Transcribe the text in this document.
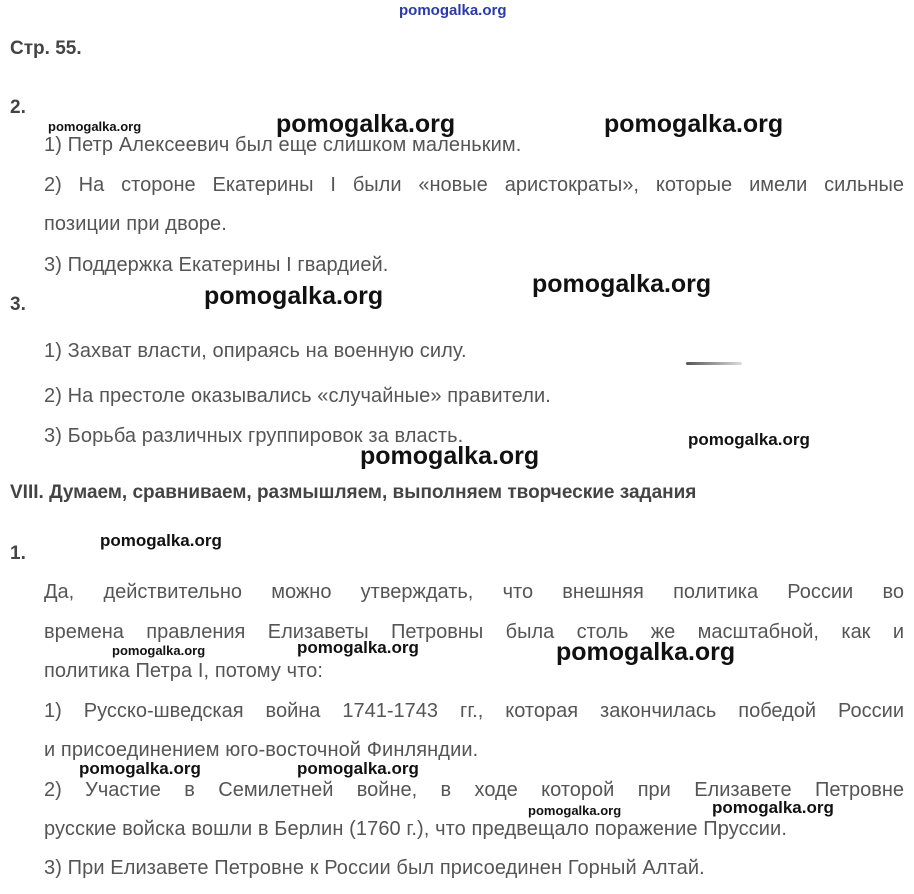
pomogalka.org
Стр. 55.
2.
1) Петр Алексеевич был еще слишком маленьким.
2) На стороне Екатерины I были «новые аристократы», которые имели сильные
позиции при дворе.
3) Поддержка Екатерины I гвардией.
3.
1) Захват власти, опираясь на военную силу.
2) На престоле оказывались «случайные» правители.
3) Борьба различных группировок за власть.
VIII. Думаем, сравниваем, размышляем, выполняем творческие задания
1.
Да, действительно можно утверждать, что внешняя политика России во
времена правления Елизаветы Петровны была столь же масштабной, как и
политика Петра I, потому что:
1) Русско-шведская война 1741-1743 гг., которая закончилась победой России
и присоединением юго-восточной Финляндии.
2) Участие в Семилетней войне, в ходе которой при Елизавете Петровне
русские войска вошли в Берлин (1760 г.), что предвещало поражение Пруссии.
3) При Елизавете Петровне к России был присоединен Горный Алтай.
pomogalka.org	pomogalka.org	pomogalka.org
pomogalka.org	pomogalka.org
pomogalka.org
pomogalka.org
pomogalka.org
pomogalka.org	pomogalka.org	pomogalka.org
pomogalka.org	pomogalka.org
pomogalka.org	pomogalka.org
